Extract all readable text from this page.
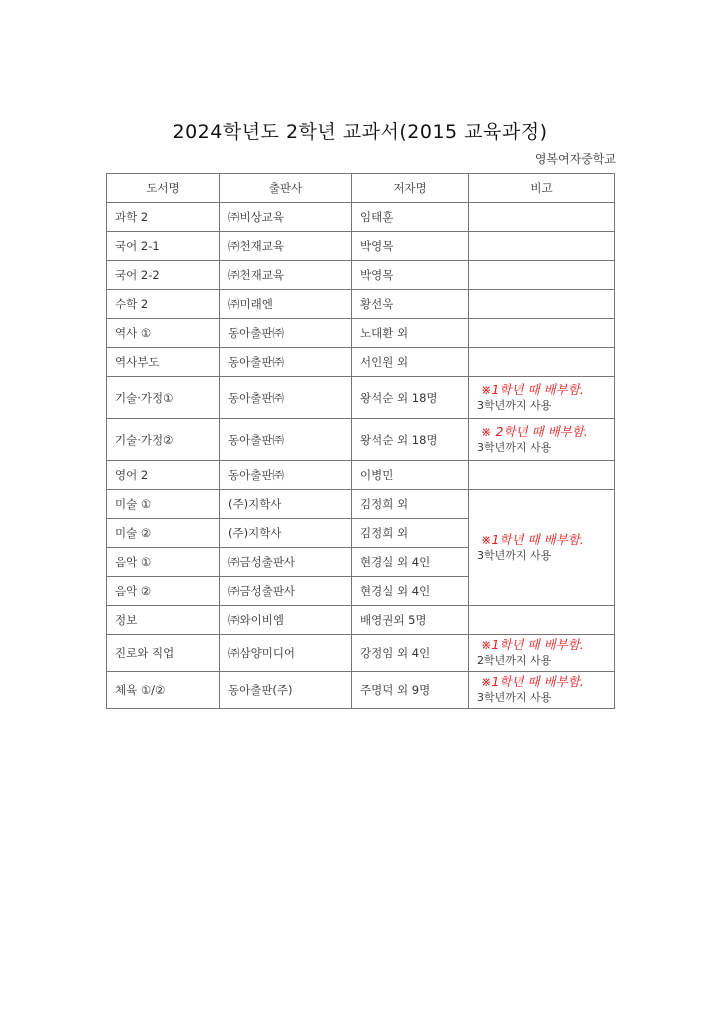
2024학년도 2학년 교과서(2015 교육과정)
영복여자중학교
도서명	출판사	저자명	비고
과학 2	㈜비상교육	임태훈	
국어 2-1	㈜천재교육	박영목	
국어 2-2	㈜천재교육	박영목	
수학 2	㈜미래엔	황선욱	
역사 ①	동아출판㈜	노대환 외	
역사부도	동아출판㈜	서인원 외	
기술·가정①	동아출판㈜	왕석순 외 18명	※1학년 때 배부함.
3학년까지 사용

기술·가정②	동아출판㈜	왕석순 외 18명	※ 2학년 때 배부함.
3학년까지 사용

영어 2	동아출판㈜	이병민	
미술 ①	(주)지학사	김정희 외	※1학년 때 배부함.
3학년까지 사용

미술 ②	(주)지학사	김정희 외	
음악 ①	㈜금성출판사	현경실 외 4인	
음악 ②	㈜금성출판사	현경실 외 4인	
정보	㈜와이비엠	배영권외 5명	
진로와 직업	㈜삼양미디어	강정임 외 4인	※1학년 때 배부함.
2학년까지 사용

체육 ①/②	동아출판(주)	주명덕 외 9명	※1학년 때 배부함.
3학년까지 사용
